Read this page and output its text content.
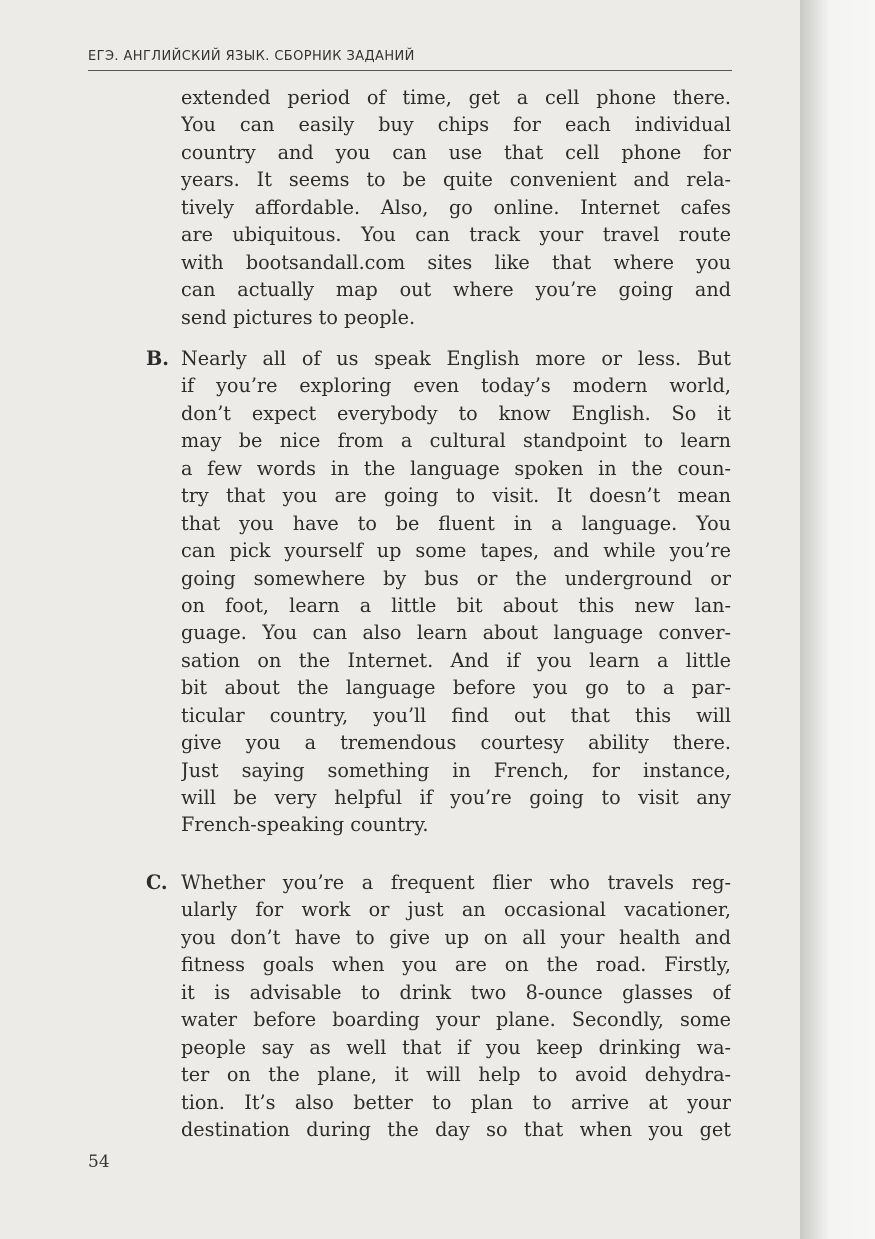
ЕГЭ. АНГЛИЙСКИЙ ЯЗЫК. СБОРНИК ЗАДАНИЙ
extended period of time, get a cell phone there.
You can easily buy chips for each individual
country and you can use that cell phone for
years. It seems to be quite convenient and rela-
tively affordable. Also, go online. Internet cafes
are ubiquitous. You can track your travel route
with bootsandall.com sites like that where you
can actually map out where you’re going and
send pictures to people.
B. Nearly all of us speak English more or less. But
if you’re exploring even today’s modern world,
don’t expect everybody to know English. So it
may be nice from a cultural standpoint to learn
a few words in the language spoken in the coun-
try that you are going to visit. It doesn’t mean
that you have to be fluent in a language. You
can pick yourself up some tapes, and while you’re
going somewhere by bus or the underground or
on foot, learn a little bit about this new lan-
guage. You can also learn about language conver-
sation on the Internet. And if you learn a little
bit about the language before you go to a par-
ticular country, you’ll find out that this will
give you a tremendous courtesy ability there.
Just saying something in French, for instance,
will be very helpful if you’re going to visit any
French-speaking country.
C. Whether you’re a frequent flier who travels reg-
ularly for work or just an occasional vacationer,
you don’t have to give up on all your health and
fitness goals when you are on the road. Firstly,
it is advisable to drink two 8-ounce glasses of
water before boarding your plane. Secondly, some
people say as well that if you keep drinking wa-
ter on the plane, it will help to avoid dehydra-
tion. It’s also better to plan to arrive at your
destination during the day so that when you get
54
